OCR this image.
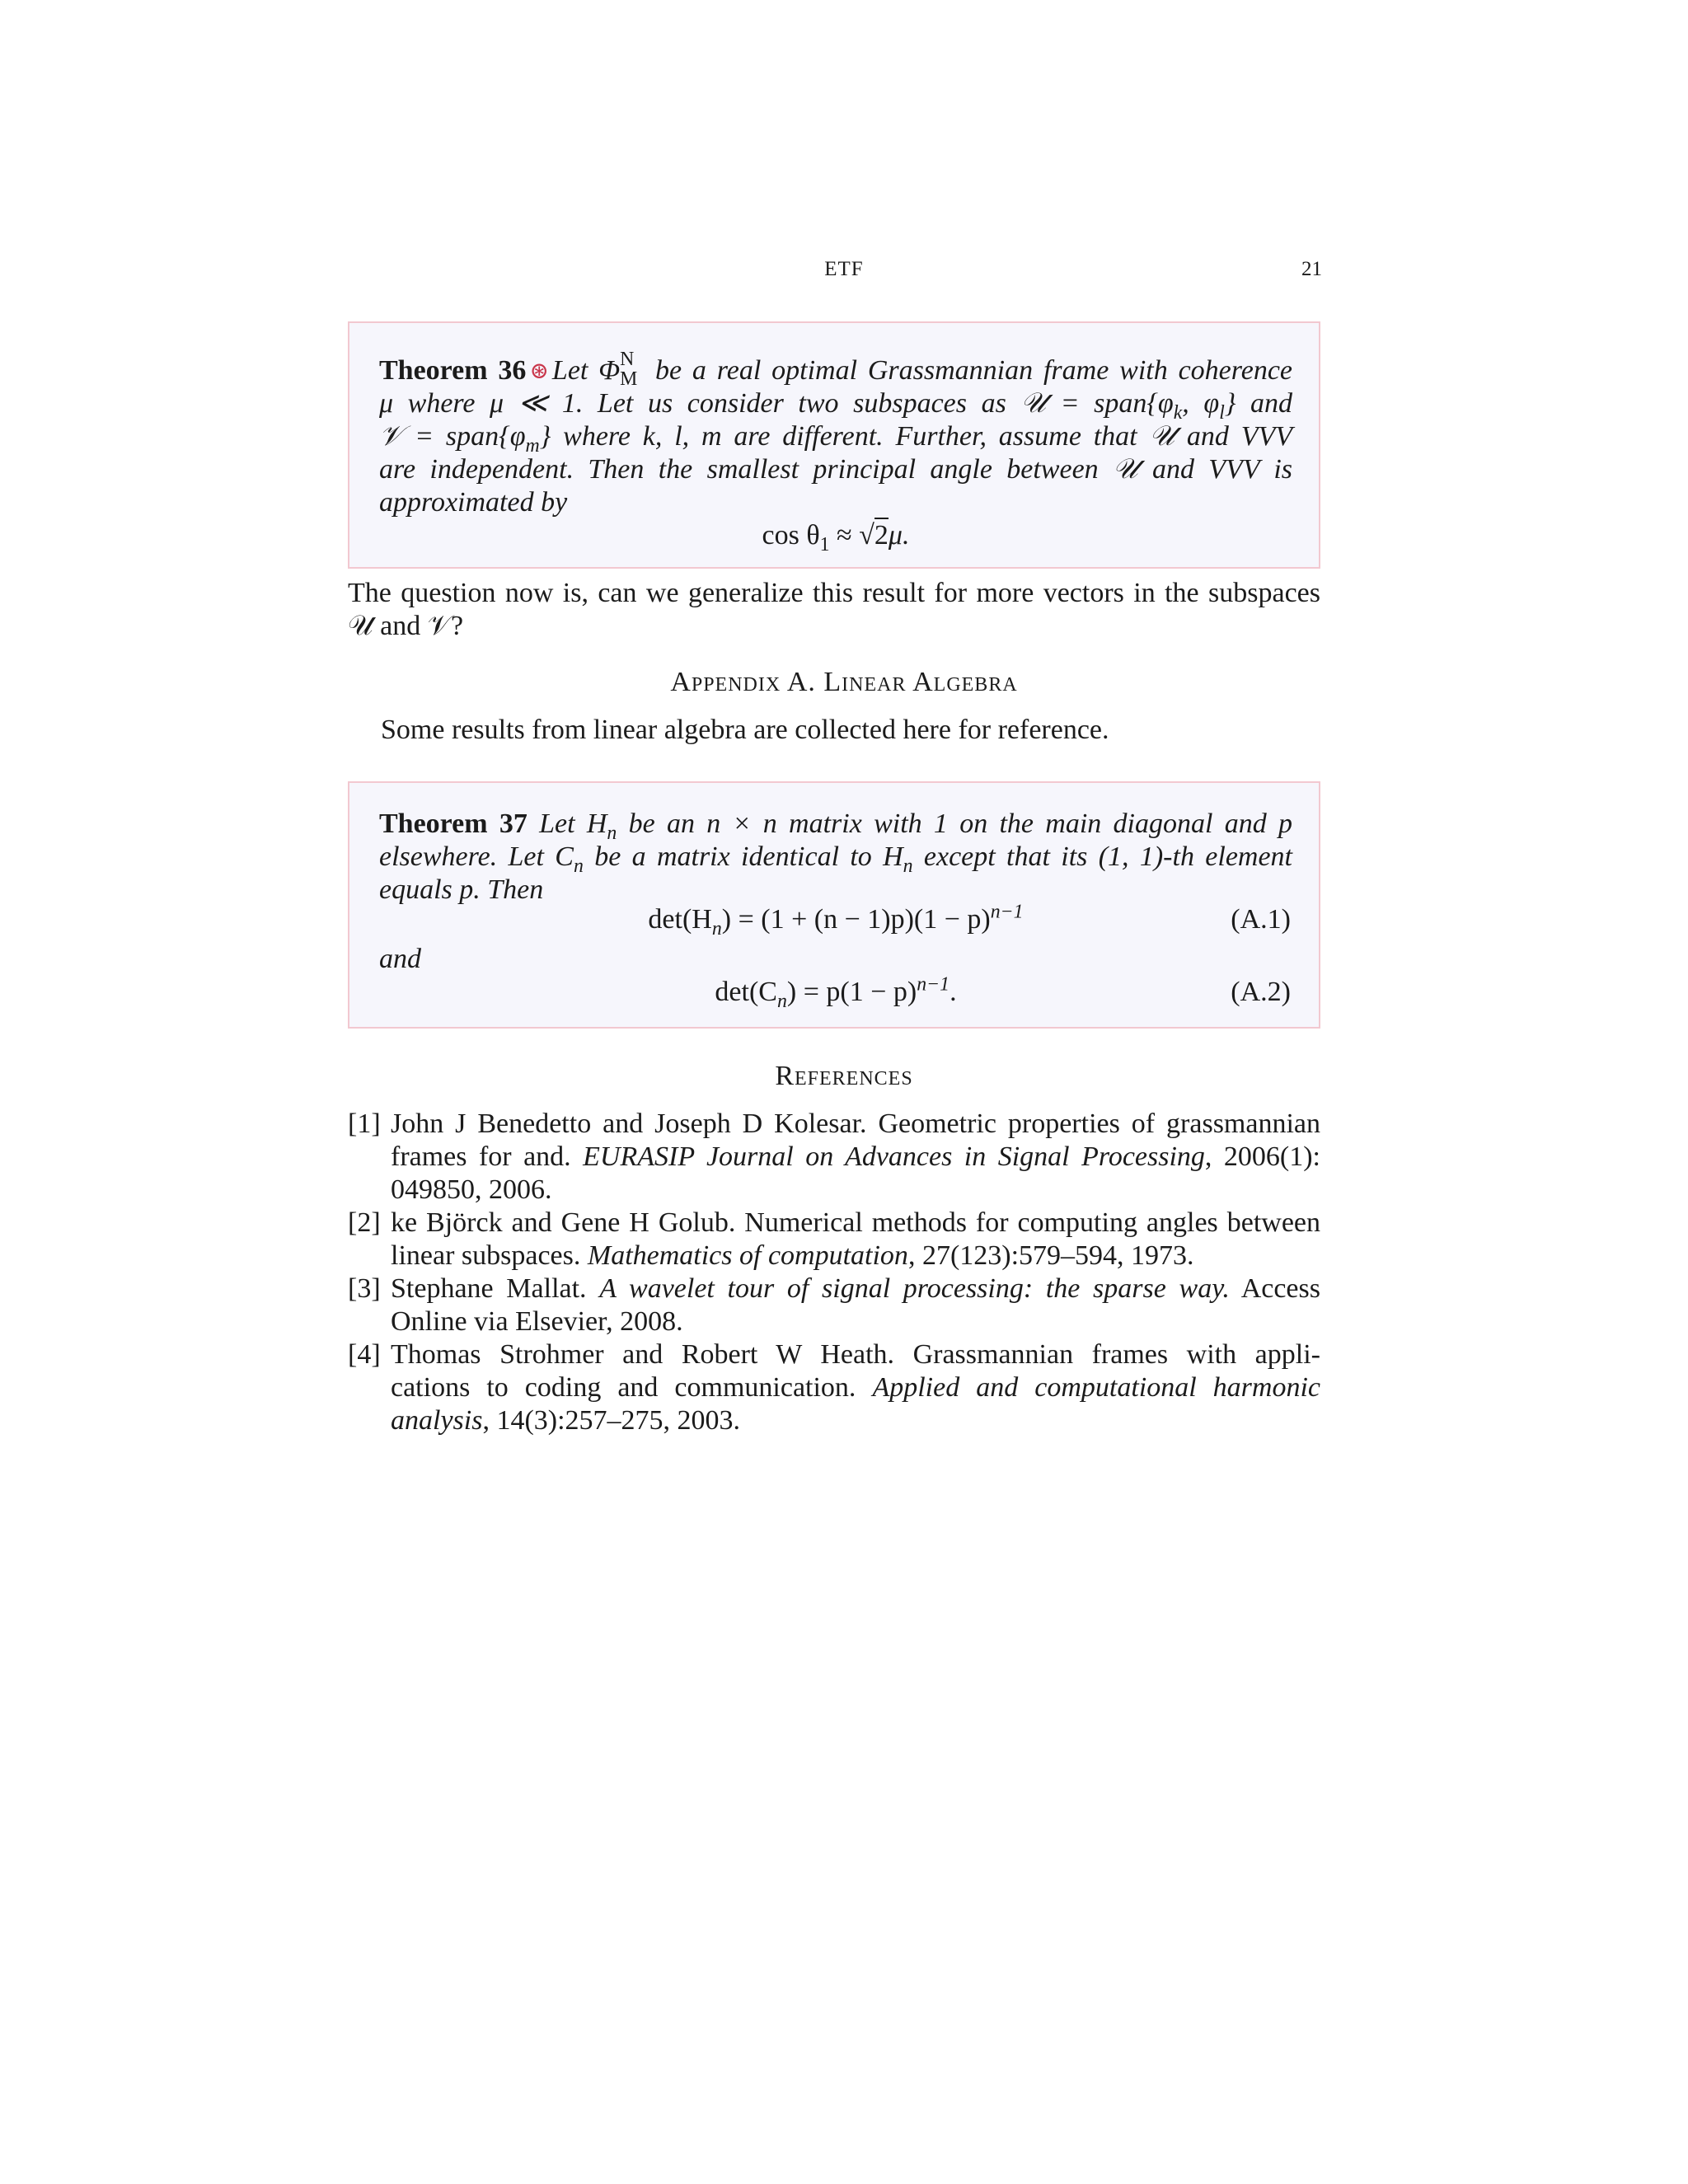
ETF	21
Theorem 36 ⊛ Let Φ N
M be a real optimal Grassmannian frame with coherence
μ where μ ≪ 1. Let us consider two subspaces as 𝒰 = $span\{\varphi_k$, $\varphi_l$} and
𝒱 = $span\{\varphi_m\}$ where k, l, m are different. Further, assume that 𝒰 and VVV
are independent. Then the smallest principal angle between 𝒰 and VVV is
approximated by
$\cos \theta_1 \approx √2\mu$.
The question now is, can we generalize this result for more vectors in the subspaces
𝒰 and 𝒱?
Appendix A. Linear Algebra
Some results from linear algebra are collected here for reference.
Theorem 37 Let $H_n$ be an n × n matrix with 1 on the main diagonal and p
elsewhere. Let $C_n$ be a matrix identical to $H_n$ except that its (1, 1)-th element
equals p. Then
$\det(H_n) = (1 + (n - 1)p)(1 - p)^{n-1}$	(A.1)
and
$\det(C_n) = p(1 - p)^{n-1}$.	(A.2)
References
[1] John J Benedetto and Joseph D Kolesar. Geometric properties of grassmannian
frames for and. EURASIP Journal on Advances in Signal Processing, 2006(1):
049850, 2006.
[2] ke Björck and Gene H Golub. Numerical methods for computing angles between
linear subspaces. Mathematics of computation, 27(123):579–594, 1973.
[3] Stephane Mallat. A wavelet tour of signal processing: the sparse way. Access
Online via Elsevier, 2008.
[4] Thomas Strohmer and Robert W Heath. Grassmannian frames with appli-
cations to coding and communication. Applied and computational harmonic
analysis, 14(3):257–275, 2003.
